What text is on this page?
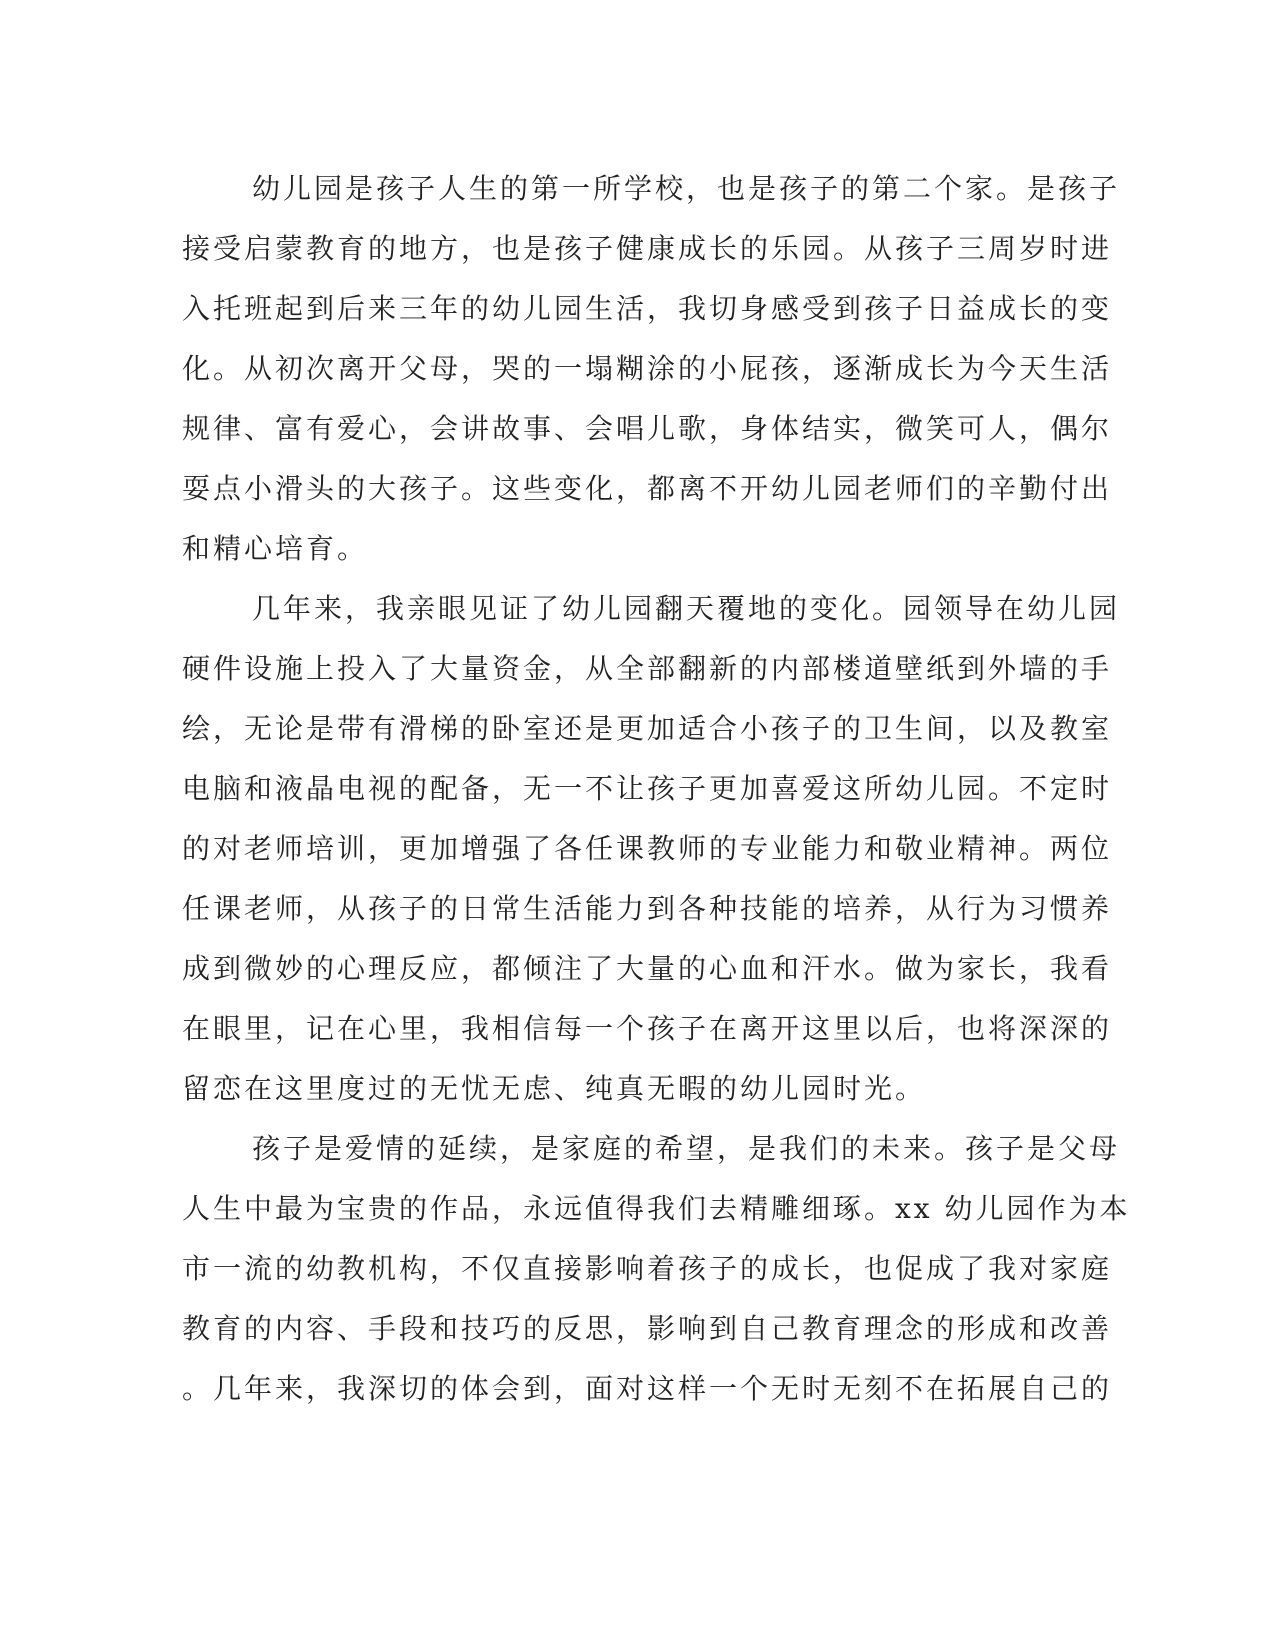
幼儿园是孩子人生的第一所学校，也是孩子的第二个家。是孩子
接受启蒙教育的地方，也是孩子健康成长的乐园。从孩子三周岁时进
入托班起到后来三年的幼儿园生活，我切身感受到孩子日益成长的变
化。从初次离开父母，哭的一塌糊涂的小屁孩，逐渐成长为今天生活
规律、富有爱心，会讲故事、会唱儿歌，身体结实，微笑可人，偶尔
耍点小滑头的大孩子。这些变化，都离不开幼儿园老师们的辛勤付出
和精心培育。
几年来，我亲眼见证了幼儿园翻天覆地的变化。园领导在幼儿园
硬件设施上投入了大量资金，从全部翻新的内部楼道壁纸到外墙的手
绘，无论是带有滑梯的卧室还是更加适合小孩子的卫生间，以及教室
电脑和液晶电视的配备，无一不让孩子更加喜爱这所幼儿园。不定时
的对老师培训，更加增强了各任课教师的专业能力和敬业精神。两位
任课老师，从孩子的日常生活能力到各种技能的培养，从行为习惯养
成到微妙的心理反应，都倾注了大量的心血和汗水。做为家长，我看
在眼里，记在心里，我相信每一个孩子在离开这里以后，也将深深的
留恋在这里度过的无忧无虑、纯真无暇的幼儿园时光。
孩子是爱情的延续，是家庭的希望，是我们的未来。孩子是父母
人生中最为宝贵的作品，永远值得我们去精雕细琢。xx 幼儿园作为本
市一流的幼教机构，不仅直接影响着孩子的成长，也促成了我对家庭
教育的内容、手段和技巧的反思，影响到自己教育理念的形成和改善
。几年来，我深切的体会到，面对这样一个无时无刻不在拓展自己的
